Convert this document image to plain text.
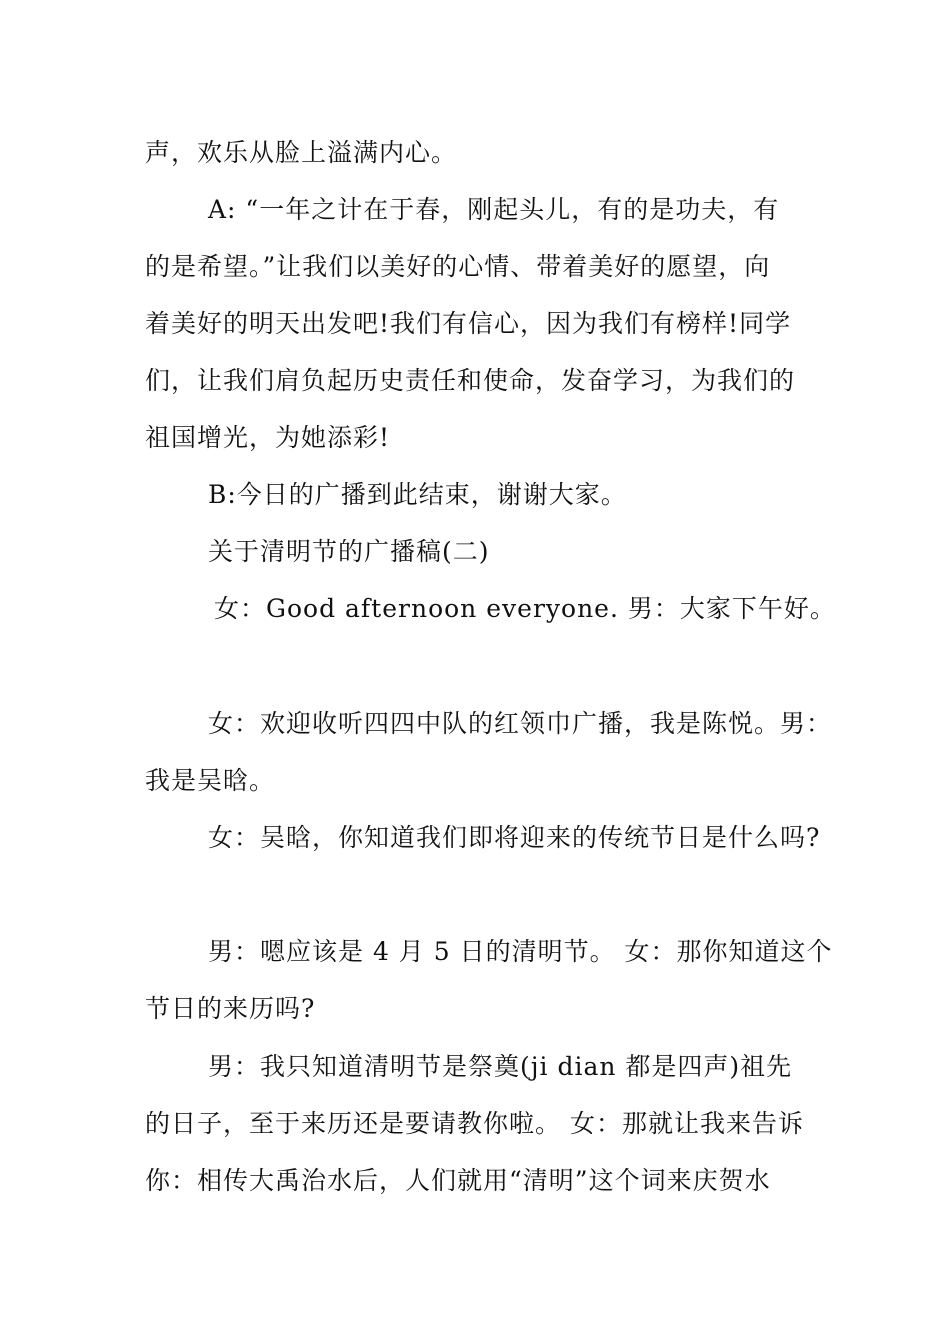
声，欢乐从脸上溢满内心。
A: “一年之计在于春，刚起头儿，有的是功夫，有
的是希望。”让我们以美好的心情、带着美好的愿望，向
着美好的明天出发吧!我们有信心，因为我们有榜样!同学
们，让我们肩负起历史责任和使命，发奋学习，为我们的
祖国增光，为她添彩!
B:今日的广播到此结束，谢谢大家。
关于清明节的广播稿(二)
女：Good afternoon everyone. 男：大家下午好。
女：欢迎收听四四中队的红领巾广播，我是陈悦。男：
我是吴晗。
女：吴晗，你知道我们即将迎来的传统节日是什么吗?
男：嗯应该是 4 月 5 日的清明节。 女：那你知道这个
节日的来历吗?
男：我只知道清明节是祭奠(ji dian 都是四声)祖先
的日子，至于来历还是要请教你啦。 女：那就让我来告诉
你：相传大禹治水后，人们就用“清明”这个词来庆贺水
